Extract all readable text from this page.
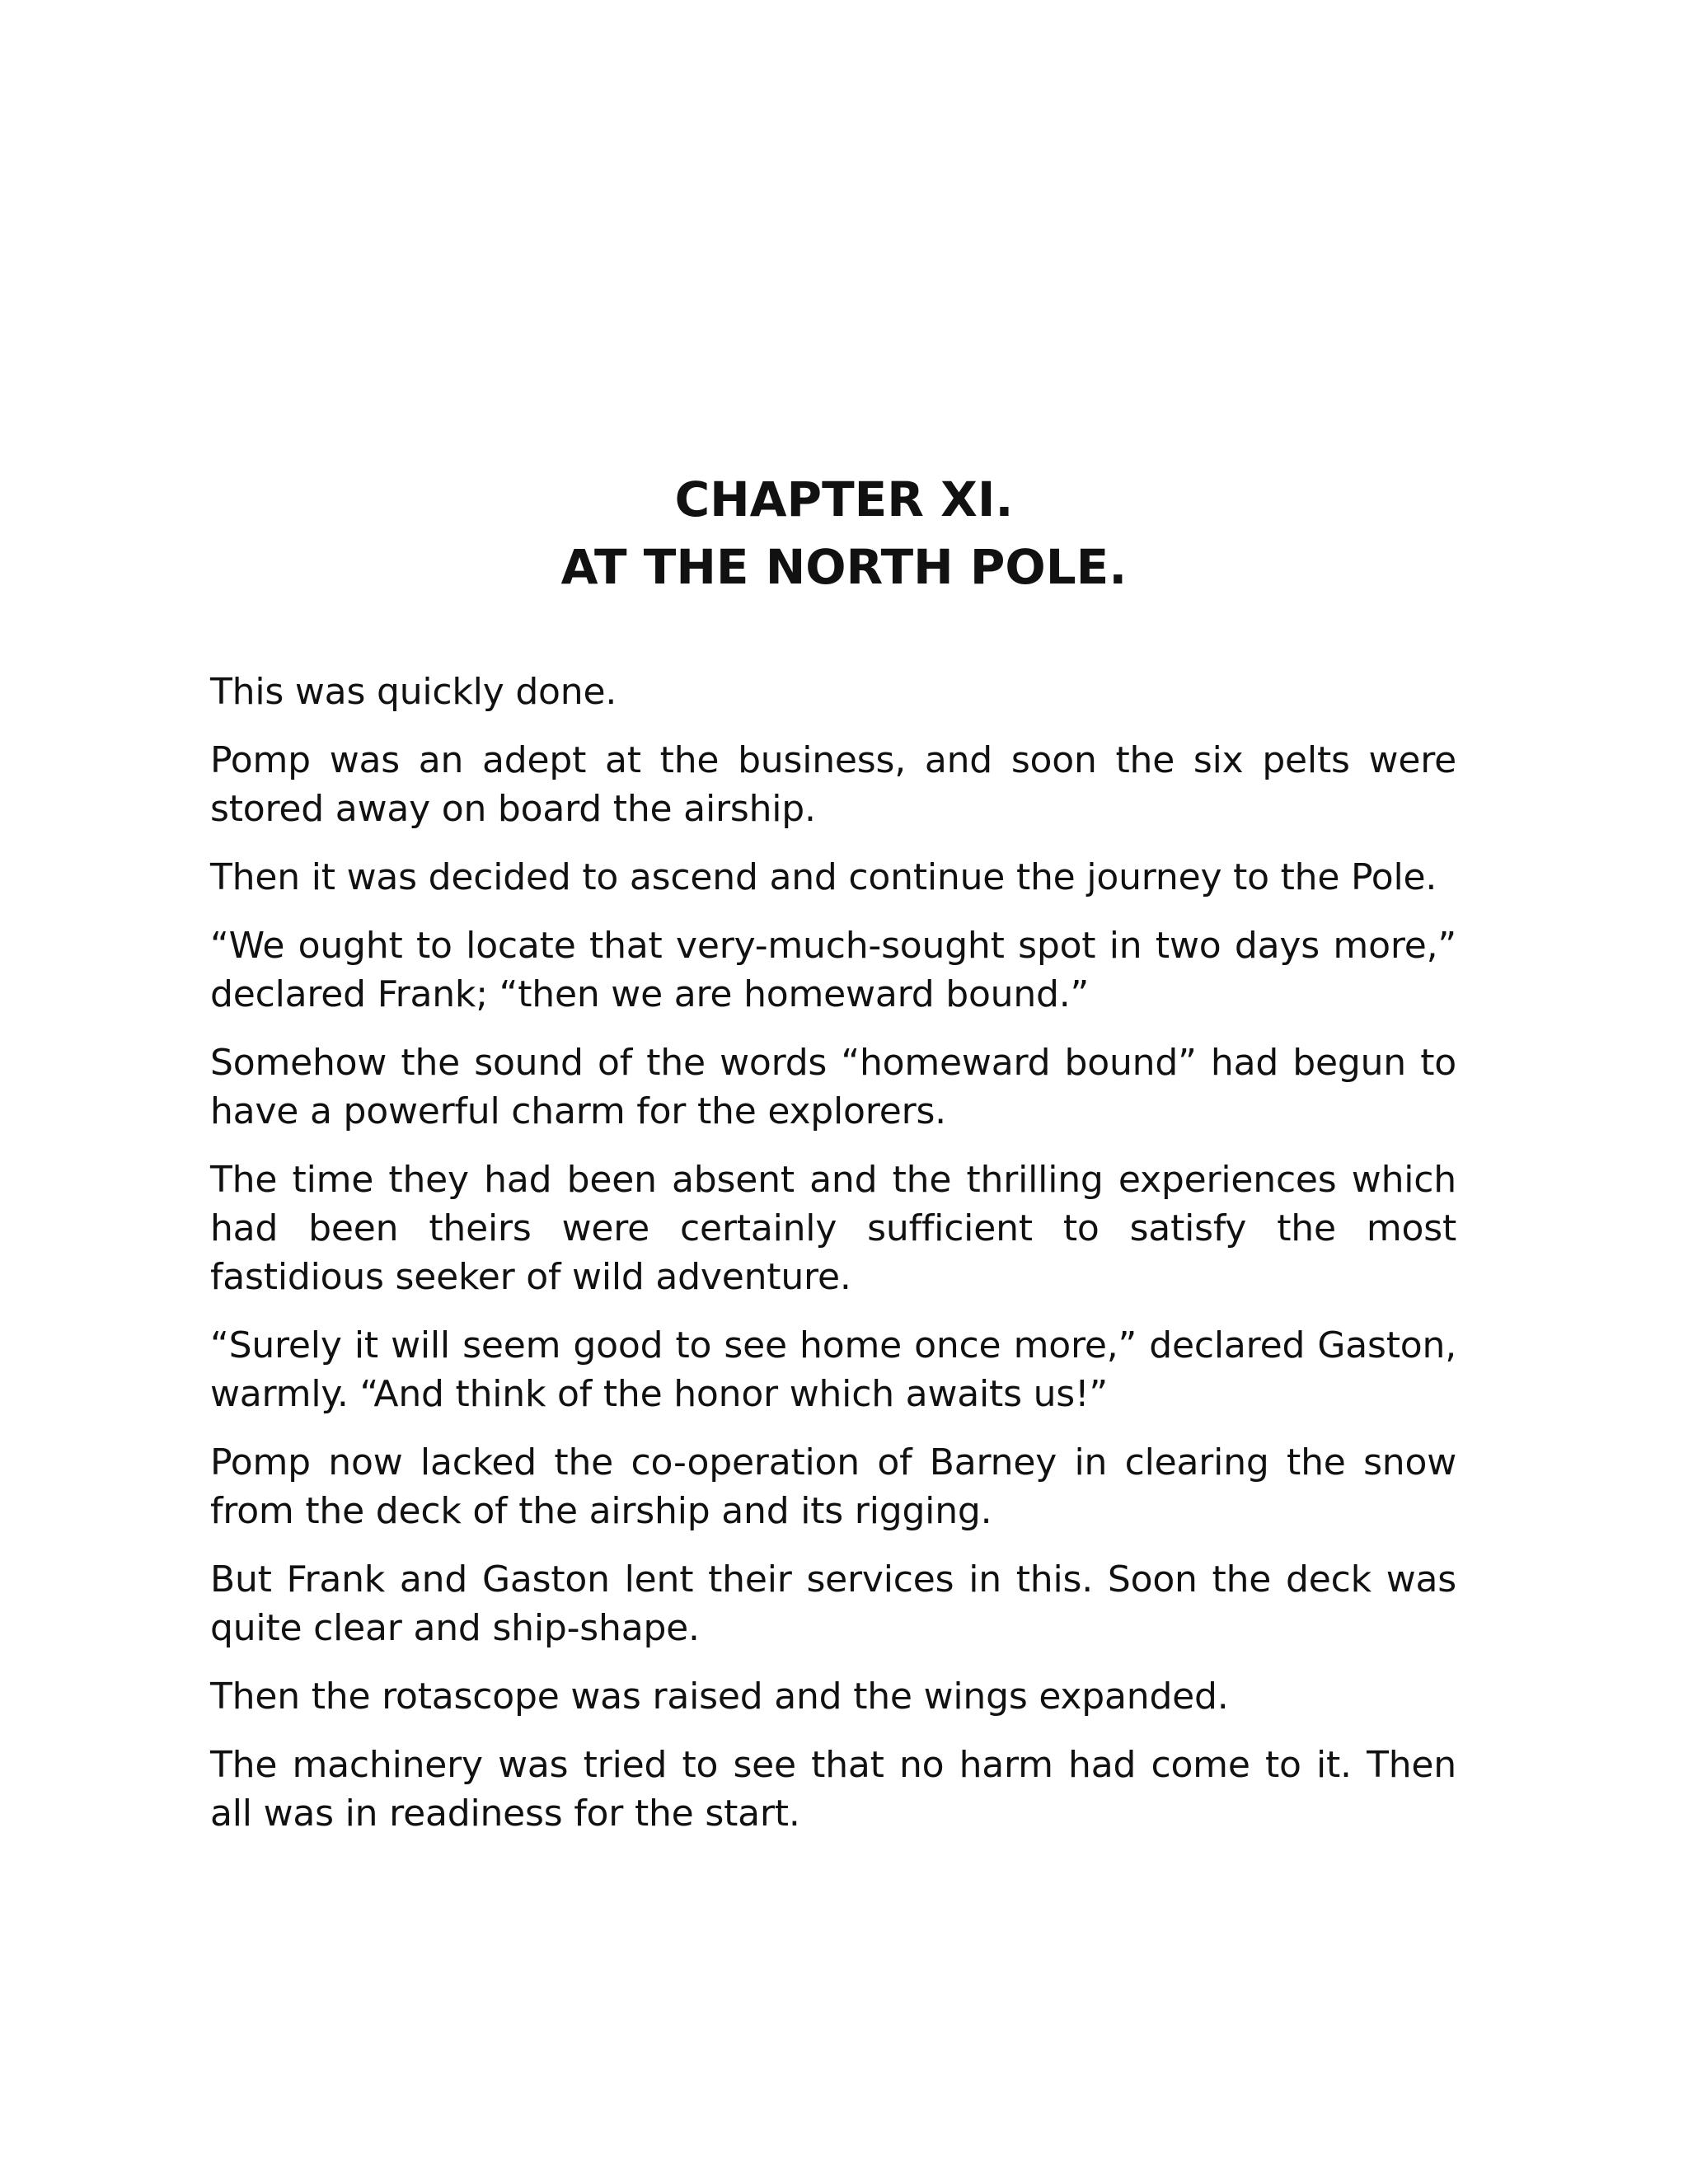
CHAPTER XI.
AT THE NORTH POLE.

This was quickly done.

Pomp was an adept at the business, and soon the six pelts were stored away on board the airship.

Then it was decided to ascend and continue the journey to the Pole.

“We ought to locate that very-much-sought spot in two days more,” declared Frank; “then we are homeward bound.”

Somehow the sound of the words “homeward bound” had begun to have a powerful charm for the explorers.

The time they had been absent and the thrilling experiences which had been theirs were certainly sufficient to satisfy the most fastidious seeker of wild adventure.

“Surely it will seem good to see home once more,” declared Gaston, warmly. “And think of the honor which awaits us!”

Pomp now lacked the co-operation of Barney in clearing the snow from the deck of the airship and its rigging.

But Frank and Gaston lent their services in this. Soon the deck was quite clear and ship-shape.

Then the rotascope was raised and the wings expanded.

The machinery was tried to see that no harm had come to it. Then all was in readiness for the start.
